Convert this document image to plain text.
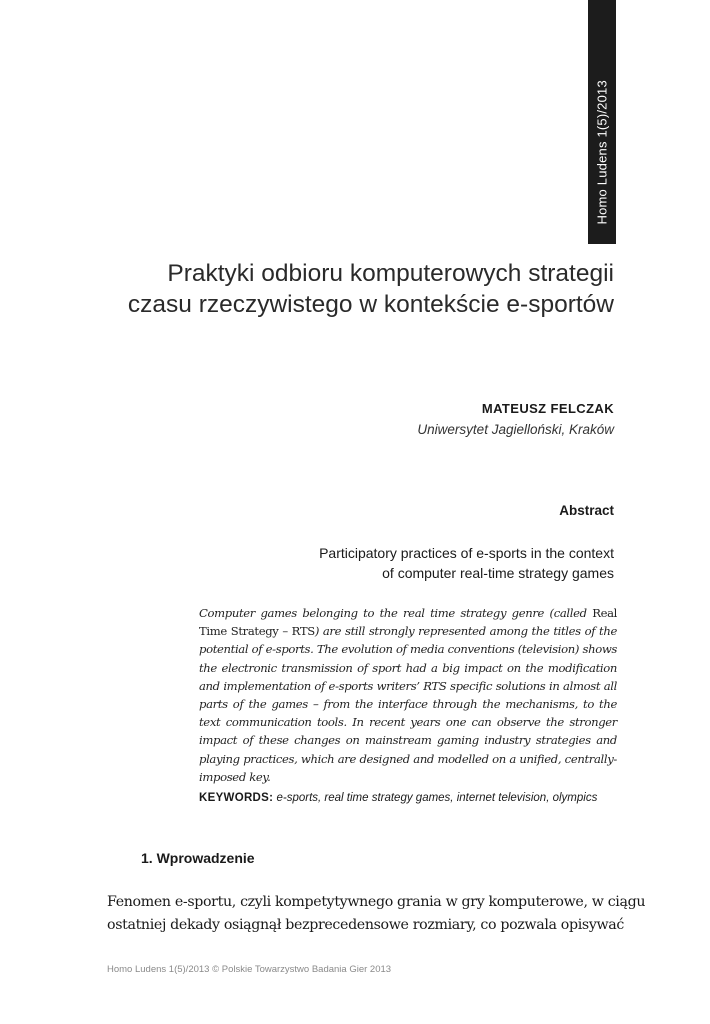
Homo Ludens 1(5)/2013
Praktyki odbioru komputerowych strategii
czasu rzeczywistego w kontekście e-sportów

MATEUSZ FELCZAK

Uniwersytet Jagielloński, Kraków

Abstract

Participatory practices of e-sports in the context
of computer real-time strategy games

Computer games belonging to the real time strategy genre (called Real Time Strategy – RTS) are still strongly represented among the titles of the potential of e-sports. The evolution of media conventions (television) shows the electronic transmission of sport had a big impact on the modification and implementation of e-sports writers’ RTS specific solutions in almost all parts of the games – from the interface through the mechanisms, to the text communication tools. In recent years one can observe the stronger impact of these changes on mainstream gaming industry strategies and playing practices, which are designed and modelled on a unified, centrally-imposed key.

KEYWORDS: e-sports, real time strategy games, internet television, olympics

1. Wprowadzenie

Fenomen e-sportu, czyli kompetytywnego grania w gry komputerowe, w ciągu
ostatniej dekady osiągnął bezprecedensowe rozmiary, co pozwala opisywać

Homo Ludens 1(5)/2013 © Polskie Towarzystwo Badania Gier 2013
